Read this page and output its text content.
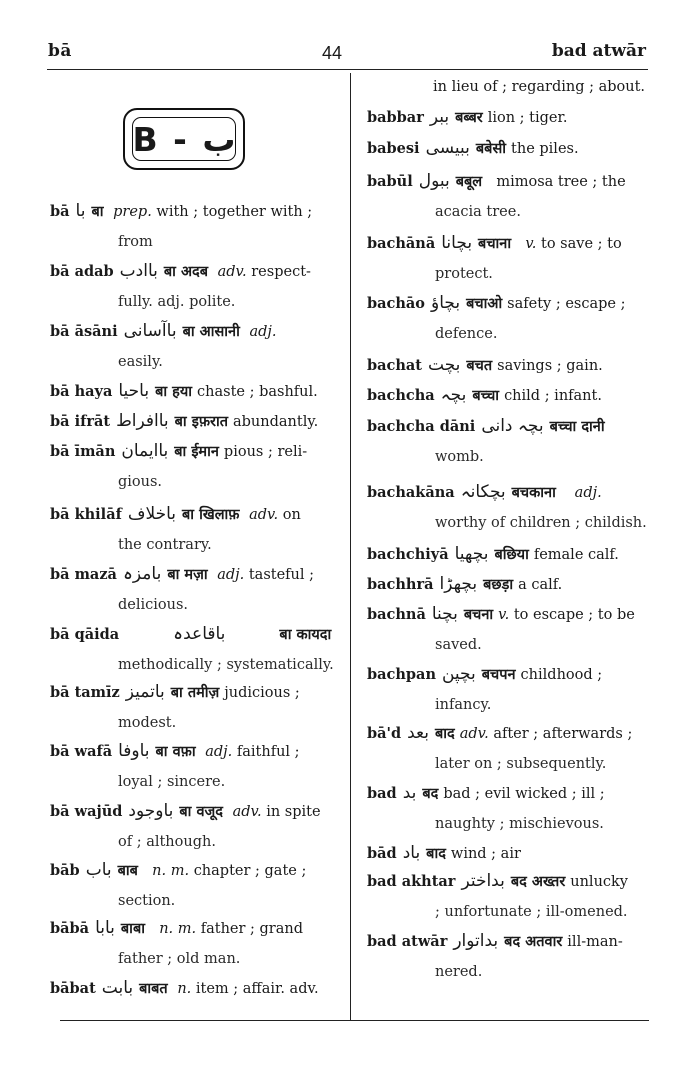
bā	44	bad atwār
B - ب
bā با बा prep. with ; together with ;
from
bā adab باادب बा अदब adv. respect-
fully. adj. polite.
bā āsāni باآسانی बा आसानी adj.
easily.
bā haya باحیا बा हया chaste ; bashful.
bā ifrāt باافراط बा इफ़रात abundantly.
bā īmān باایمان बा ईमान pious ; reli-
gious.
bā khilāf باخلاف बा खिलाफ़ adv. on
the contrary.
bā mazā بامزہ बा मज़ा adj. tasteful ;
delicious.
bā qāida	باقاعدہ	बा कायदा
methodically ; systematically.
bā tamīz باتمیز बा तमीज़ judicious ;
modest.
bā wafā باوفا बा वफ़ा adj. faithful ;
loyal ; sincere.
bā wajūd باوجود बा वजूद adv. in spite
of ; although.
bāb باب बाब n. m. chapter ; gate ;
section.
bābā بابا बाबा n. m. father ; grand
father ; old man.
bābat بابت बाबत n. item ; affair. adv.
in lieu of ; regarding ; about.
babbar ببر बब्बर lion ; tiger.
babesi ببیسی बबेसी the piles.
babūl ببول बबूल mimosa tree ; the
acacia tree.
bachānā بچانا बचाना v. to save ; to
protect.
bachāo بچاؤ बचाओ safety ; escape ;
defence.
bachat بچت बचत savings ; gain.
bachcha بچہ बच्चा child ; infant.
bachcha dāni بچہ دانی बच्चा दानी
womb.
bachakāna بچکانہ बचकाना adj.
worthy of children ; childish.
bachchiyā بچھیا बछिया female calf.
bachhrā بچھڑا बछड़ा a calf.
bachnā بچنا बचना v. to escape ; to be
saved.
bachpan بچپن बचपन childhood ;
infancy.
bā'd بعد बाद adv. after ; afterwards ;
later on ; subsequently.
bad بد बद bad ; evil wicked ; ill ;
naughty ; mischievous.
bād باد बाद wind ; air
bad akhtar بداختر बद अख्तर unlucky
; unfortunate ; ill-omened.
bad atwār بداتوار बद अतवार ill-man-
nered.
